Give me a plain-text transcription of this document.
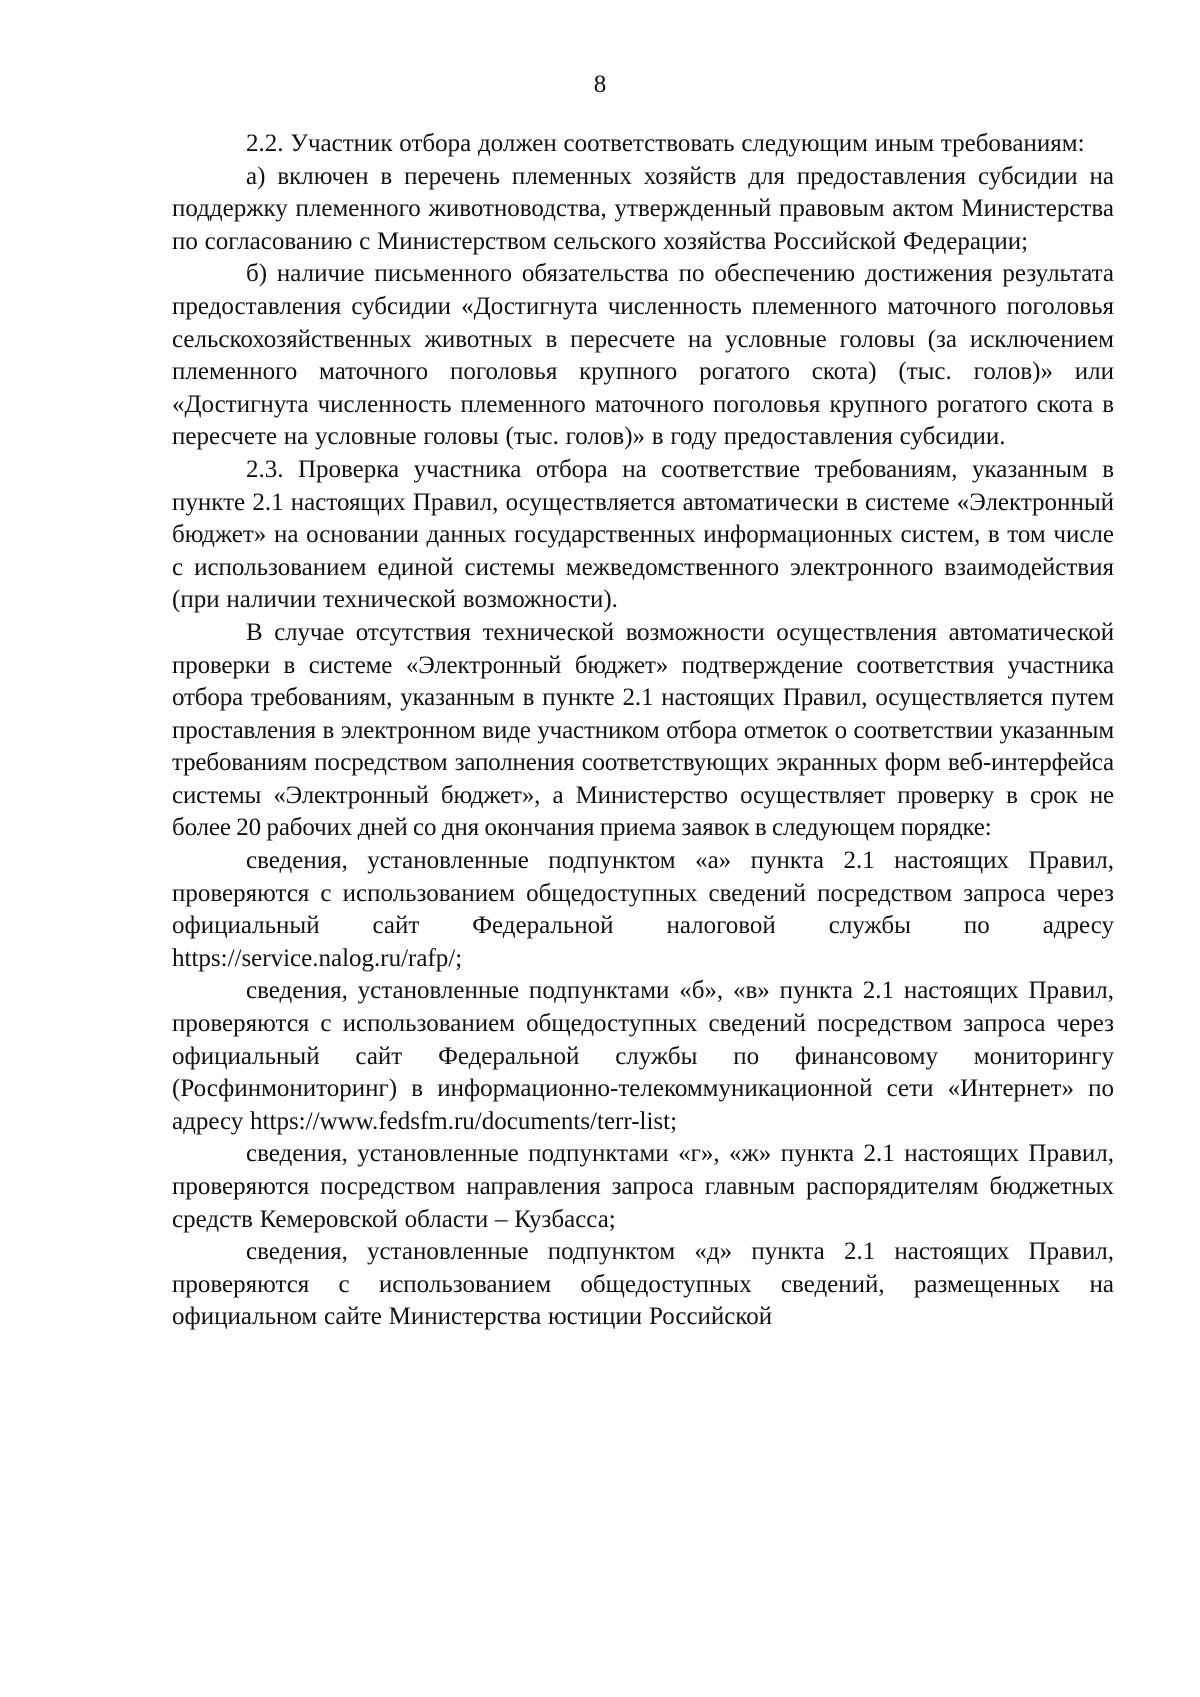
8

2.2. Участник отбора должен соответствовать следующим иным требованиям:

а) включен в перечень племенных хозяйств для предоставления субсидии на поддержку племенного животноводства, утвержденный правовым актом Министерства по согласованию с Министерством сельского хозяйства Российской Федерации;

б) наличие письменного обязательства по обеспечению достижения результата предоставления субсидии «Достигнута численность племенного маточного поголовья сельскохозяйственных животных в пересчете на условные головы (за исключением племенного маточного поголовья крупного рогатого скота) (тыс. голов)» или «Достигнута численность племенного маточного поголовья крупного рогатого скота в пересчете на условные головы (тыс. голов)» в году предоставления субсидии.

2.3. Проверка участника отбора на соответствие требованиям, указанным в пункте 2.1 настоящих Правил, осуществляется автоматически в системе «Электронный бюджет» на основании данных государственных информационных систем, в том числе с использованием единой системы межведомственного электронного взаимодействия (при наличии технической возможности).

В случае отсутствия технической возможности осуществления автоматической проверки в системе «Электронный бюджет» подтверждение соответствия участника отбора требованиям, указанным в пункте 2.1 настоящих Правил, осуществляется путем проставления в электронном виде участником отбора отметок о соответствии указанным требованиям посредством заполнения соответствующих экранных форм веб-интерфейса системы «Электронный бюджет», а Министерство осуществляет проверку в срок не более 20 рабочих дней со дня окончания приема заявок в следующем порядке:

сведения, установленные подпунктом «а» пункта 2.1 настоящих Правил, проверяются с использованием общедоступных сведений посредством запроса через официальный сайт Федеральной налоговой службы по адресу https://service.nalog.ru/rafp/;

сведения, установленные подпунктами «б», «в» пункта 2.1 настоящих Правил, проверяются с использованием общедоступных сведений посредством запроса через официальный сайт Федеральной службы по финансовому мониторингу (Росфинмониторинг) в информационно-телекоммуникационной сети «Интернет» по адресу https://www.fedsfm.ru/documents/terr-list;

сведения, установленные подпунктами «г», «ж» пункта 2.1 настоящих Правил, проверяются посредством направления запроса главным распорядителям бюджетных средств Кемеровской области – Кузбасса;

сведения, установленные подпунктом «д» пункта 2.1 настоящих Правил, проверяются с использованием общедоступных сведений, размещенных на официальном сайте Министерства юстиции Российской
